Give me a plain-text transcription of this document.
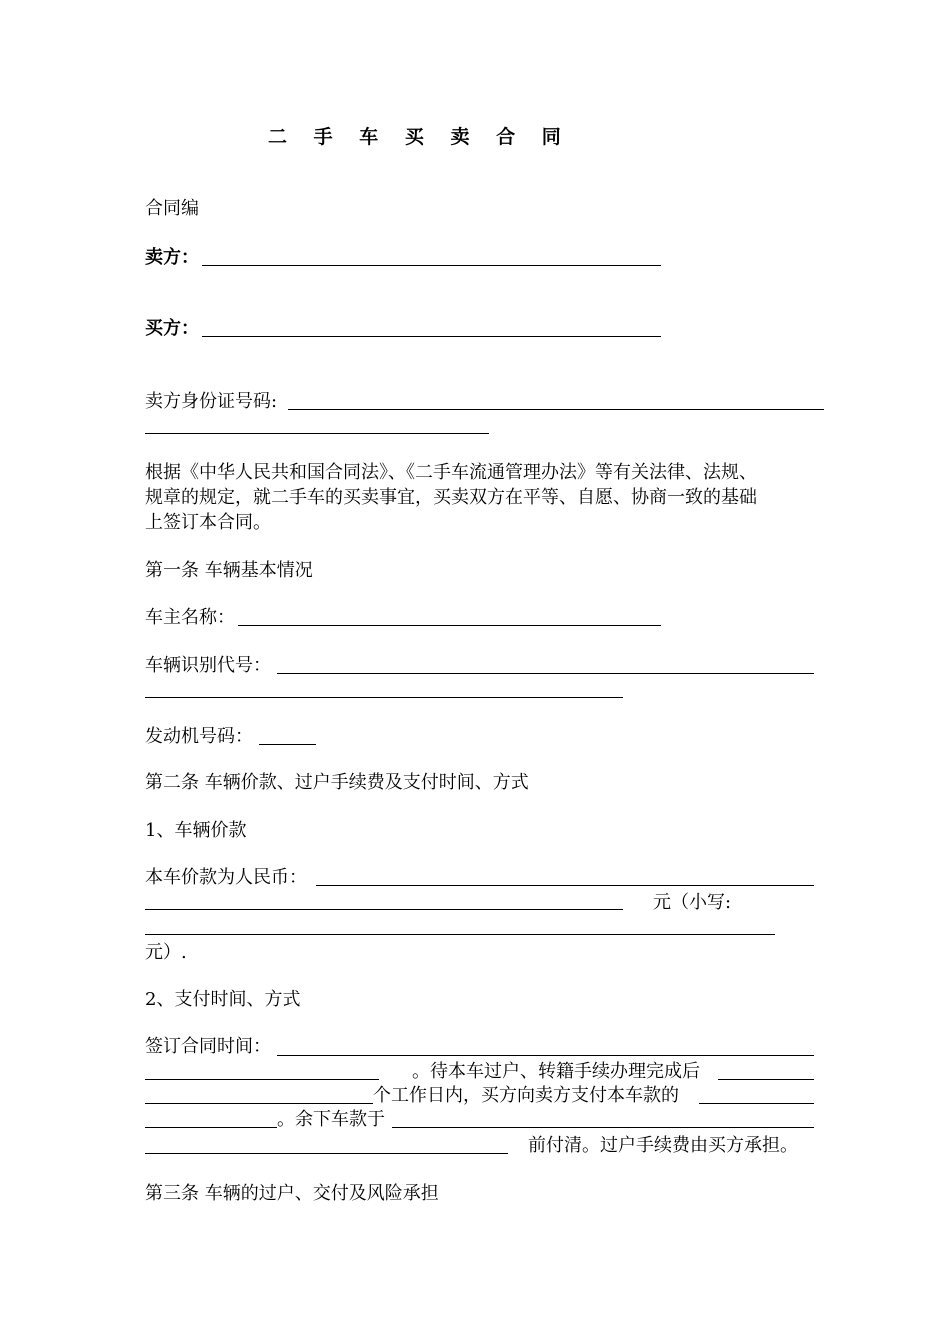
二 手 车 买 卖 合 同
合同编
卖方：
买方：
卖方身份证号码:
根据《中华人民共和国合同法》、《二手车流通管理办法》等有关法律、法规、
规章的规定，就二手车的买卖事宜，买卖双方在平等、自愿、协商一致的基础
上签订本合同。
第一条 车辆基本情况
车主名称：
车辆识别代号：
发动机号码：
第二条 车辆价款、过户手续费及支付时间、方式
1、车辆价款
本车价款为人民币：
元（小写:
元）.
2、支付时间、方式
签订合同时间：
。待本车过户、转籍手续办理完成后
个工作日内，买方向卖方支付本车款的
。余下车款于
前付清。过户手续费由买方承担。
第三条 车辆的过户、交付及风险承担
